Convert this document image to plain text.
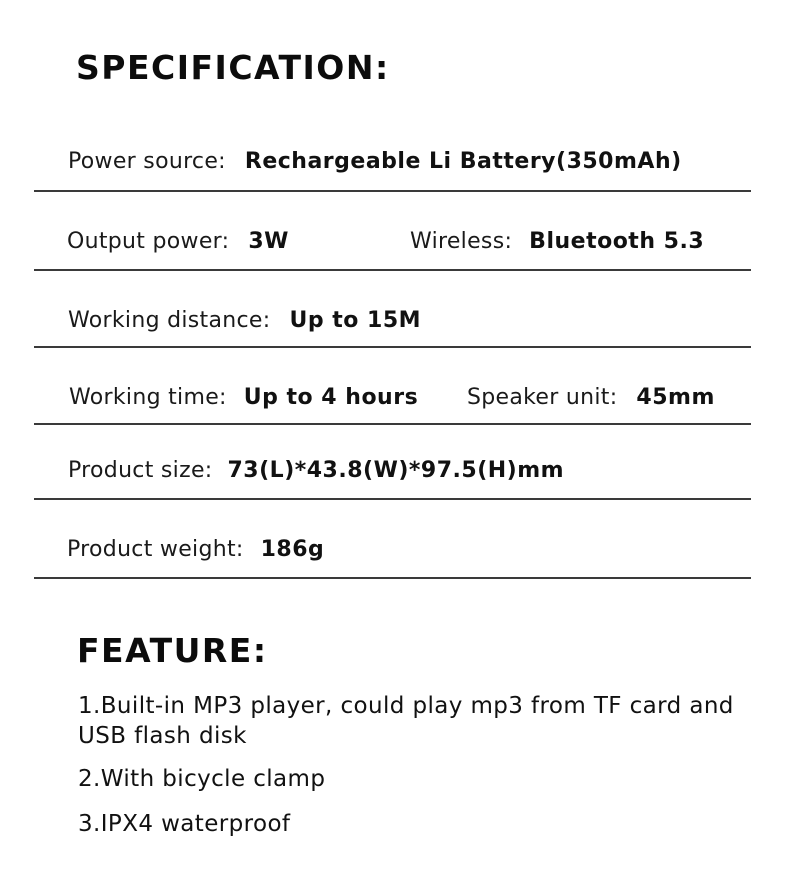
SPECIFICATION:
Power source: Rechargeable Li Battery(350mAh)
Output power: 3W	Wireless: Bluetooth 5.3
Working distance: Up to 15M
Working time: Up to 4 hours Speaker unit: 45mm
Product size: 73(L)*43.8(W)*97.5(H)mm
Product weight: 186g
FEATURE:

1.Built-in MP3 player, could play mp3 from TF card and USB flash disk

2.With bicycle clamp

3.IPX4 waterproof
